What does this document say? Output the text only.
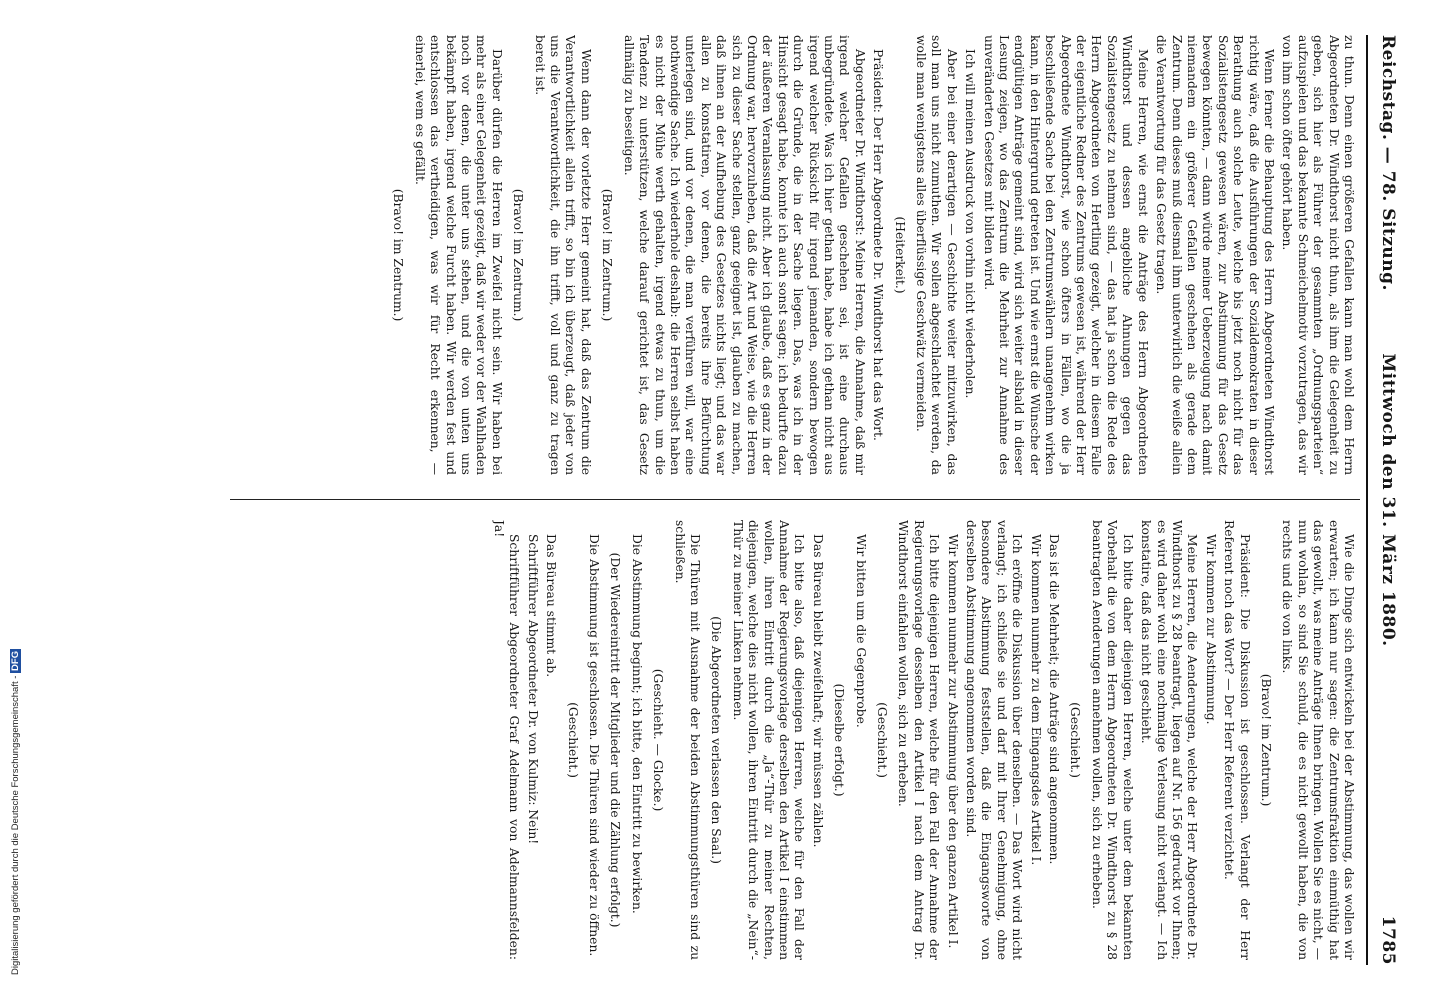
Reichstag. — 78. Sitzung.
Mittwoch den 31. März 1880.
1785

zu thun. Denn einen größeren Gefallen kann man wohl dem Herrn Abgeordneten Dr. Windthorst nicht thun, als ihm die Gelegenheit zu geben, sich hier als Führer der gesammten „Ordnungsparteien“ aufzuspielen und das bekannte Schmeichelmotiv vorzutragen, das wir von ihm schon öfter gehört haben.

Wenn ferner die Behauptung des Herrn Abgeordneten Windthorst richtig wäre, daß die Ausführungen der Sozialdemokraten in dieser Berathung auch solche Leute, welche bis jetzt noch nicht für das Sozialistengesetz gewesen wären, zur Abstimmung für das Gesetz bewegen könnten, — dann würde meiner Ueberzeugung nach damit niemandem ein größerer Gefallen geschehen als gerade dem Zentrum. Denn dieses muß diesmal ihm unterwirlich die weiße allein die Verantwortung für das Gesetz tragen.

Meine Herren, wie ernst die Anträge des Herrn Abgeordneten Windthorst und dessen angebliche Ahnungen gegen das Sozialistengesetz zu nehmen sind, — das hat ja schon die Rede des Herrn Abgeordneten von Hertling gezeigt, welcher in diesem Falle der eigentliche Redner des Zentrums gewesen ist, während der Herr Abgeordnete Windthorst, wie schon öfters in Fällen, wo die ja beschließende Sache bei den Zentrumswählern unangenehm wirken kann, in den Hintergrund getreten ist. Und wie ernst die Wünsche der endgültigen Anträge gemeint sind, wird sich weiter alsbald in dieser Lesung zeigen, wo das Zentrum die Mehrheit zur Annahme des unveränderten Gesetzes mit bilden wird.

Ich will meinen Ausdruck von vorhin nicht wiederholen.

Aber bei einer derartigen — Geschichte weiter mitzuwirken, das soll man uns nicht zumuthen. Wir sollen abgeschlachtet werden, da wolle man wenigstens alles überflüssige Geschwätz vermeiden.

(Heiterkeit.)

Präsident: Der Herr Abgeordnete Dr. Windthorst hat das Wort.

Abgeordneter Dr. Windthorst: Meine Herren, die Annahme, daß mir irgend welcher Gefallen geschehen sei, ist eine durchaus unbegründete. Was ich hier gethan habe, habe ich gethan nicht aus irgend welcher Rücksicht für irgend jemanden, sondern bewogen durch die Gründe, die in der Sache liegen. Das, was ich in der Hinsicht gesagt habe, konnte ich auch sonst sagen; ich bedurfte dazu der äußeren Veranlassung nicht. Aber ich glaube, daß es ganz in der Ordnung war, hervorzuheben, daß die Art und Weise, wie die Herren sich zu dieser Sache stellen, ganz geeignet ist, glauben zu machen, daß ihnen an der Aufhebung des Gesetzes nichts liegt; und das war allen zu konstatiren, vor denen, die bereits ihre Befürchtung unterlegen sind, und vor denen, die man verführen will, war eine nothwendige Sache. Ich wiederhole deshalb: die Herren selbst haben es nicht der Mühe werth gehalten, irgend etwas zu thun, um die Tendenz zu unterstützen, welche darauf gerichtet ist, das Gesetz allmälig zu beseitigen.

(Bravo! im Zentrum.)

Wenn dann der vorletzte Herr gemeint hat, daß das Zentrum die Verantwortlichkeit allein trifft, so bin ich überzeugt, daß jeder von uns die Verantwortlichkeit, die ihn trifft, voll und ganz zu tragen bereit ist.

(Bravo! im Zentrum.)

Darüber dürfen die Herren im Zweifel nicht sein. Wir haben bei mehr als einer Gelegenheit gezeigt, daß wir weder vor der Wahlhaden noch vor denen, die unter uns stehen, und die von unten uns bekämpft haben, irgend welche Furcht haben. Wir werden fest und entschlossen das vertheidigen, was wir für Recht erkennen, — einerlei, wem es gefällt.

(Bravo! im Zentrum.)

Wie die Dinge sich entwickeln bei der Abstimmung, das wollen wir erwarten; ich kann nur sagen: die Zentrumsfraktion einmüthig hat das gewollt, was meine Anträge Ihnen bringen. Wollen Sie es nicht, — nun wohlan, so sind Sie schuld, die es nicht gewollt haben, die von rechts und die von links.

(Bravo! im Zentrum.)

Präsident: Die Diskussion ist geschlossen. Verlangt der Herr Referent noch das Wort? — Der Herr Referent verzichtet.

Wir kommen zur Abstimmung.

Meine Herren, die Aenderungen, welche der Herr Abgeordnete Dr. Windthorst zu § 28 beantragt, liegen auf Nr. 156 gedruckt vor Ihnen; es wird daher wohl eine nochmalige Verlesung nicht verlangt. — Ich konstatire, daß das nicht geschieht.

Ich bitte daher diejenigen Herren, welche unter dem bekannten Vorbehalt die von dem Herrn Abgeordneten Dr. Windthorst zu § 28 beantragten Aenderungen annehmen wollen, sich zu erheben.

(Geschieht.)

Das ist die Mehrheit; die Anträge sind angenommen.

Wir kommen nunmehr zu dem Eingangsdes Artikel I.

Ich eröffne die Diskussion über denselben. — Das Wort wird nicht verlangt; ich schließe sie und darf mit Ihrer Genehmigung, ohne besondere Abstimmung feststellen, daß die Eingangsworte von derselben Abstimmung angenommen worden sind.

Wir kommen nunmehr zur Abstimmung über den ganzen Artikel I.

Ich bitte diejenigen Herren, welche für den Fall der Annahme der Regierungsvorlage desselben den Artikel I nach dem Antrag Dr. Windthorst einfahlen wollen, sich zu erheben.

(Geschieht.)

Wir bitten um die Gegenprobe.

(Dieselbe erfolgt.)

Das Büreau bleibt zweifelhaft; wir müssen zählen.

Ich bitte also, daß diejenigen Herren, welche für den Fall der Annahme der Regierungsvorlage derselben den Artikel I einstimmen wollen, ihren Eintritt durch die „Ja“-Thür zu meiner Rechten, diejenigen, welche dies nicht wollen, ihren Eintritt durch die „Nein“-Thür zu meiner Linken nehmen.

(Die Abgeordneten verlassen den Saal.)

Die Thüren mit Ausnahme der beiden Abstimmungsthüren sind zu schließen.

(Geschieht. — Glocke.)

Die Abstimmung beginnt; ich bitte, den Eintritt zu bewirken.

(Der Wiedereintritt der Mitglieder und die Zählung erfolgt.)

Die Abstimmung ist geschlossen. Die Thüren sind wieder zu öffnen.

(Geschieht.)

Das Büreau stimmt ab.

Schriftführer Abgeordneter Dr. von Kulmiz: Nein!

Schriftführer Abgeordneter Graf Adelmann von Adelmannsfelden: Ja!

Digitalisierung gefördert durch die Deutsche Forschungsgemeinschaft - DFG
